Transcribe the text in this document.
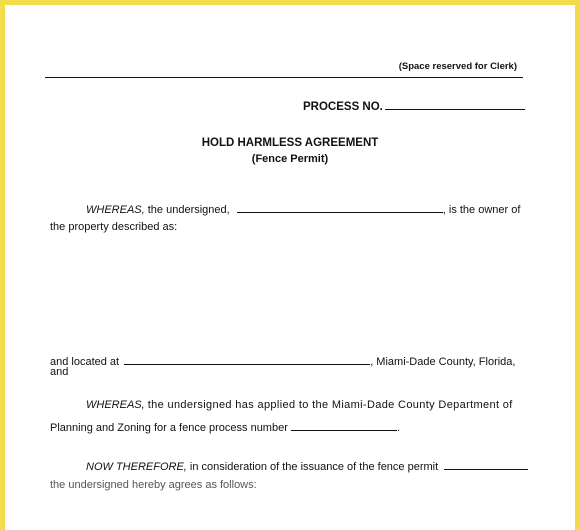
(Space reserved for Clerk)
PROCESS NO.
HOLD HARMLESS AGREEMENT
(Fence Permit)
WHEREAS, the undersigned,	, is the owner of
the property described as:
and located at	, Miami-Dade County, Florida,
and
WHEREAS, the undersigned has applied to the Miami-Dade County Department of
Planning and Zoning for a fence process number	.
NOW THEREFORE, in consideration of the issuance of the fence permit
the undersigned hereby agrees as follows:
